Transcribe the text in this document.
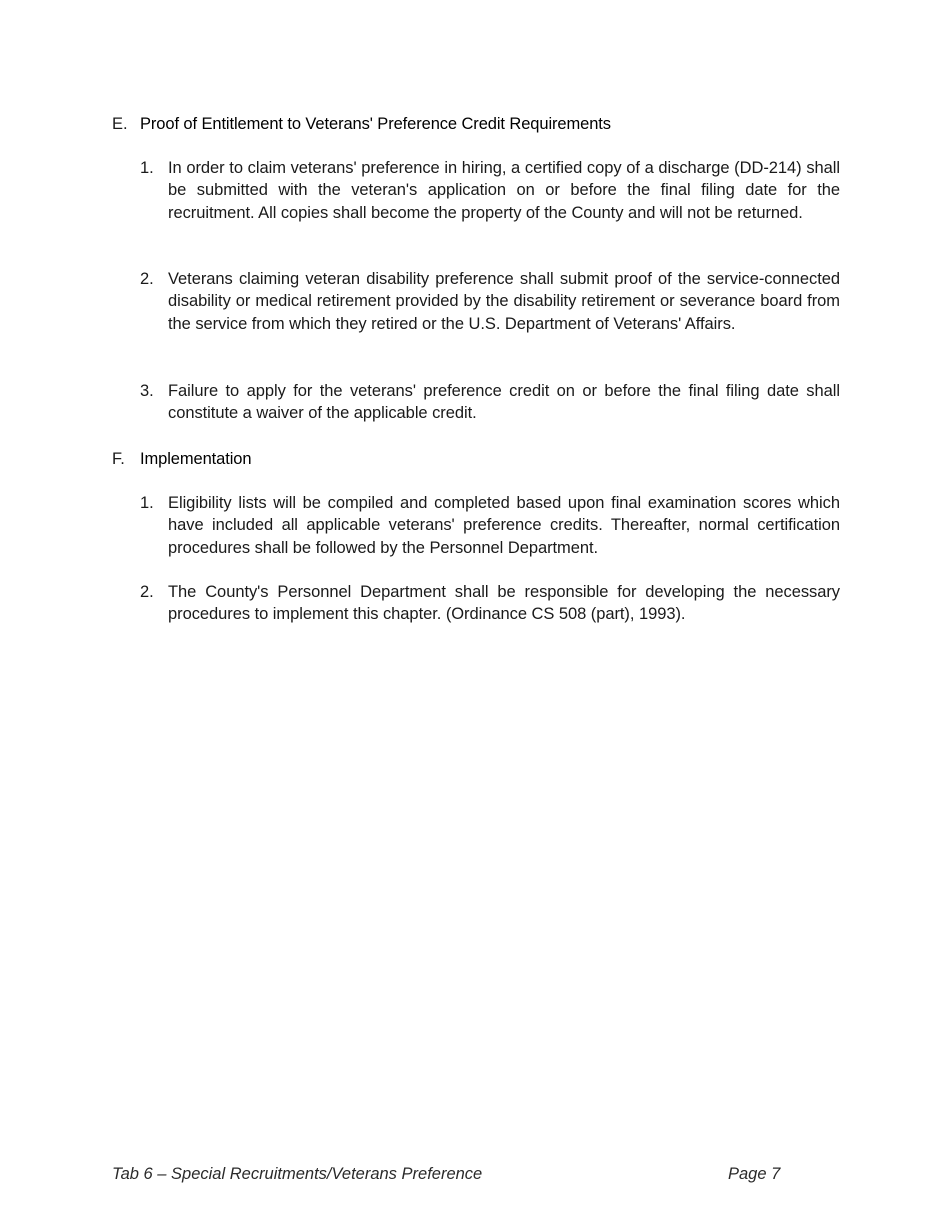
E. Proof of Entitlement to Veterans' Preference Credit Requirements
1. In order to claim veterans' preference in hiring, a certified copy of a discharge (DD-214) shall be submitted with the veteran's application on or before the final filing date for the recruitment. All copies shall become the property of the County and will not be returned.
2. Veterans claiming veteran disability preference shall submit proof of the service-connected disability or medical retirement provided by the disability retirement or severance board from the service from which they retired or the U.S. Department of Veterans' Affairs.
3. Failure to apply for the veterans' preference credit on or before the final filing date shall constitute a waiver of the applicable credit.
F. Implementation
1. Eligibility lists will be compiled and completed based upon final examination scores which have included all applicable veterans' preference credits. Thereafter, normal certification procedures shall be followed by the Personnel Department.
2. The County's Personnel Department shall be responsible for developing the necessary procedures to implement this chapter. (Ordinance CS 508 (part), 1993).
Tab 6 – Special Recruitments/Veterans Preference	Page 7
